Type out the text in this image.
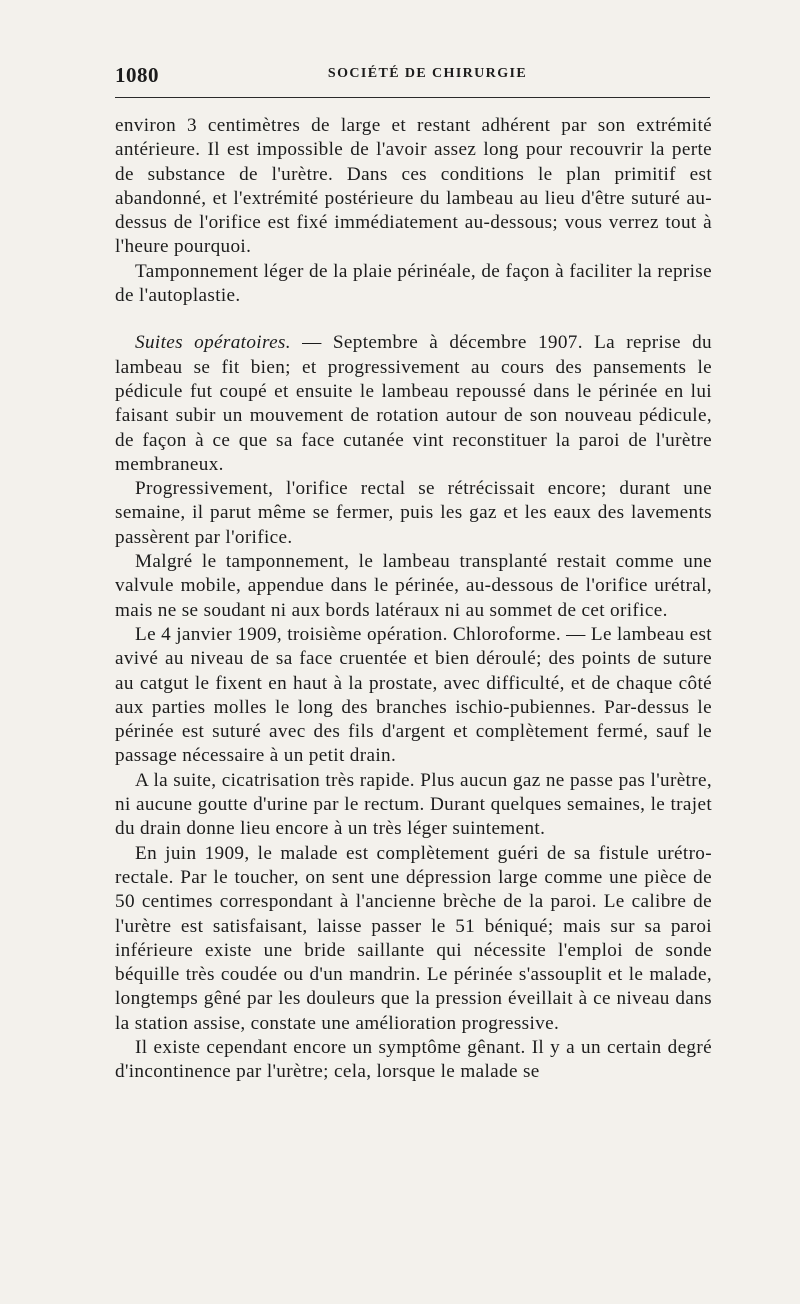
1080	SOCIÉTÉ DE CHIRURGIE

environ 3 centimètres de large et restant adhérent par son extrémité antérieure. Il est impossible de l'avoir assez long pour recouvrir la perte de substance de l'urètre. Dans ces conditions le plan primitif est abandonné, et l'extrémité postérieure du lambeau au lieu d'être suturé au-dessus de l'orifice est fixé immédiatement au-dessous; vous verrez tout à l'heure pourquoi.

Tamponnement léger de la plaie périnéale, de façon à faciliter la reprise de l'autoplastie.

Suites opératoires. — Septembre à décembre 1907. La reprise du lambeau se fit bien; et progressivement au cours des pansements le pédicule fut coupé et ensuite le lambeau repoussé dans le périnée en lui faisant subir un mouvement de rotation autour de son nouveau pédicule, de façon à ce que sa face cutanée vint reconstituer la paroi de l'urètre membraneux.

Progressivement, l'orifice rectal se rétrécissait encore; durant une semaine, il parut même se fermer, puis les gaz et les eaux des lavements passèrent par l'orifice.

Malgré le tamponnement, le lambeau transplanté restait comme une valvule mobile, appendue dans le périnée, au-dessous de l'orifice urétral, mais ne se soudant ni aux bords latéraux ni au sommet de cet orifice.

Le 4 janvier 1909, troisième opération. Chloroforme. — Le lambeau est avivé au niveau de sa face cruentée et bien déroulé; des points de suture au catgut le fixent en haut à la prostate, avec difficulté, et de chaque côté aux parties molles le long des branches ischio-pubiennes. Par-dessus le périnée est suturé avec des fils d'argent et complètement fermé, sauf le passage nécessaire à un petit drain.

A la suite, cicatrisation très rapide. Plus aucun gaz ne passe pas l'urètre, ni aucune goutte d'urine par le rectum. Durant quelques semaines, le trajet du drain donne lieu encore à un très léger suintement.

En juin 1909, le malade est complètement guéri de sa fistule urétro-rectale. Par le toucher, on sent une dépression large comme une pièce de 50 centimes correspondant à l'ancienne brèche de la paroi. Le calibre de l'urètre est satisfaisant, laisse passer le 51 béniqué; mais sur sa paroi inférieure existe une bride saillante qui nécessite l'emploi de sonde béquille très coudée ou d'un mandrin. Le périnée s'assouplit et le malade, longtemps gêné par les douleurs que la pression éveillait à ce niveau dans la station assise, constate une amélioration progressive.

Il existe cependant encore un symptôme gênant. Il y a un certain degré d'incontinence par l'urètre; cela, lorsque le malade se
